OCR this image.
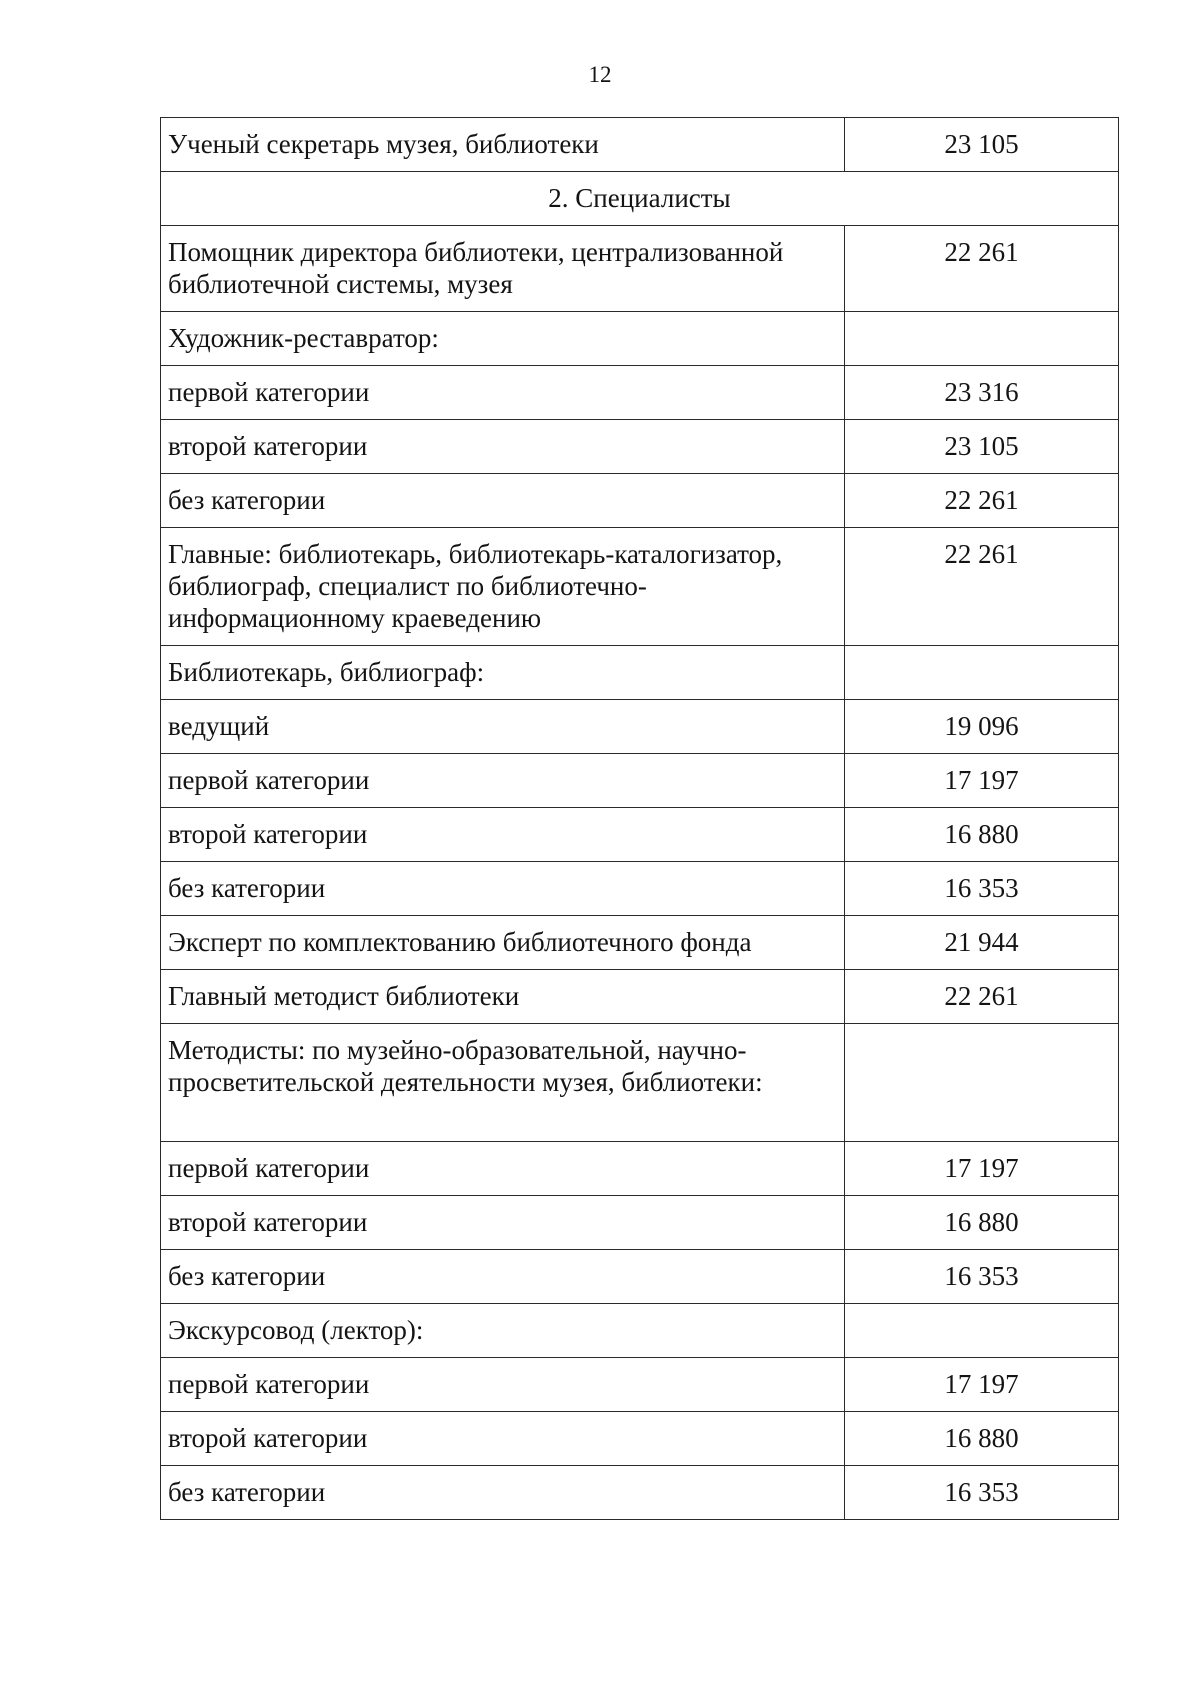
12
Ученый секретарь музея, библиотеки	23 105
2. Специалисты	
Помощник директора библиотеки, централизованной библиотечной системы, музея	22 261
Художник-реставратор:	
первой категории	23 316
второй категории	23 105
без категории	22 261
Главные: библиотекарь, библиотекарь-каталогизатор, библиограф, специалист по библиотечно-информационному краеведению	22 261
Библиотекарь, библиограф:	
ведущий	19 096
первой категории	17 197
второй категории	16 880
без категории	16 353
Эксперт по комплектованию библиотечного фонда	21 944
Главный методист библиотеки	22 261
Методисты: по музейно-образовательной, научно-просветительской деятельности музея, библиотеки:	
первой категории	17 197
второй категории	16 880
без категории	16 353
Экскурсовод (лектор):	
первой категории	17 197
второй категории	16 880
без категории	16 353
